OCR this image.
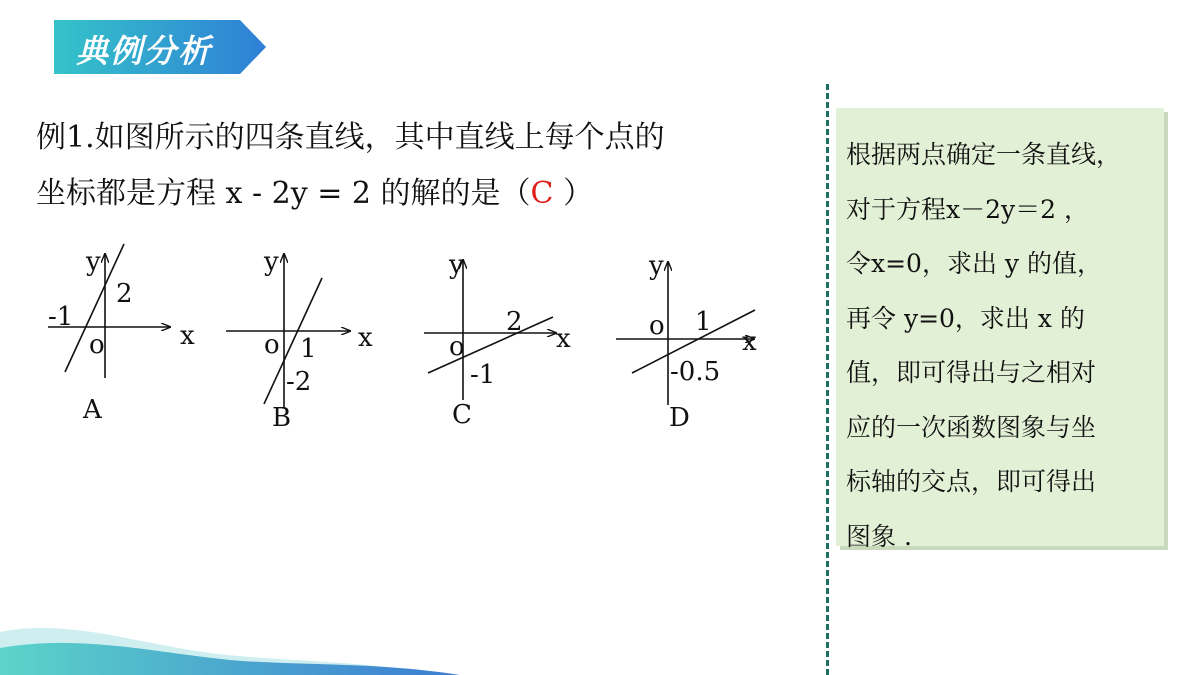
典例分析
例1.如图所示的四条直线，其中直线上每个点的
坐标都是方程 x - 2y = 2 的解的是（C ）
y
x
o
-1
2
A
y
x
o 1
-2
B
y
x
o
2
-1
C
y
x
o 1
-0.5
D
根据两点确定一条直线，
对于方程x－2y＝2 ，
令x=0，求出 y 的值，
再令 y=0，求出 x 的
值，即可得出与之相对
应的一次函数图象与坐
标轴的交点，即可得出
图象 .
